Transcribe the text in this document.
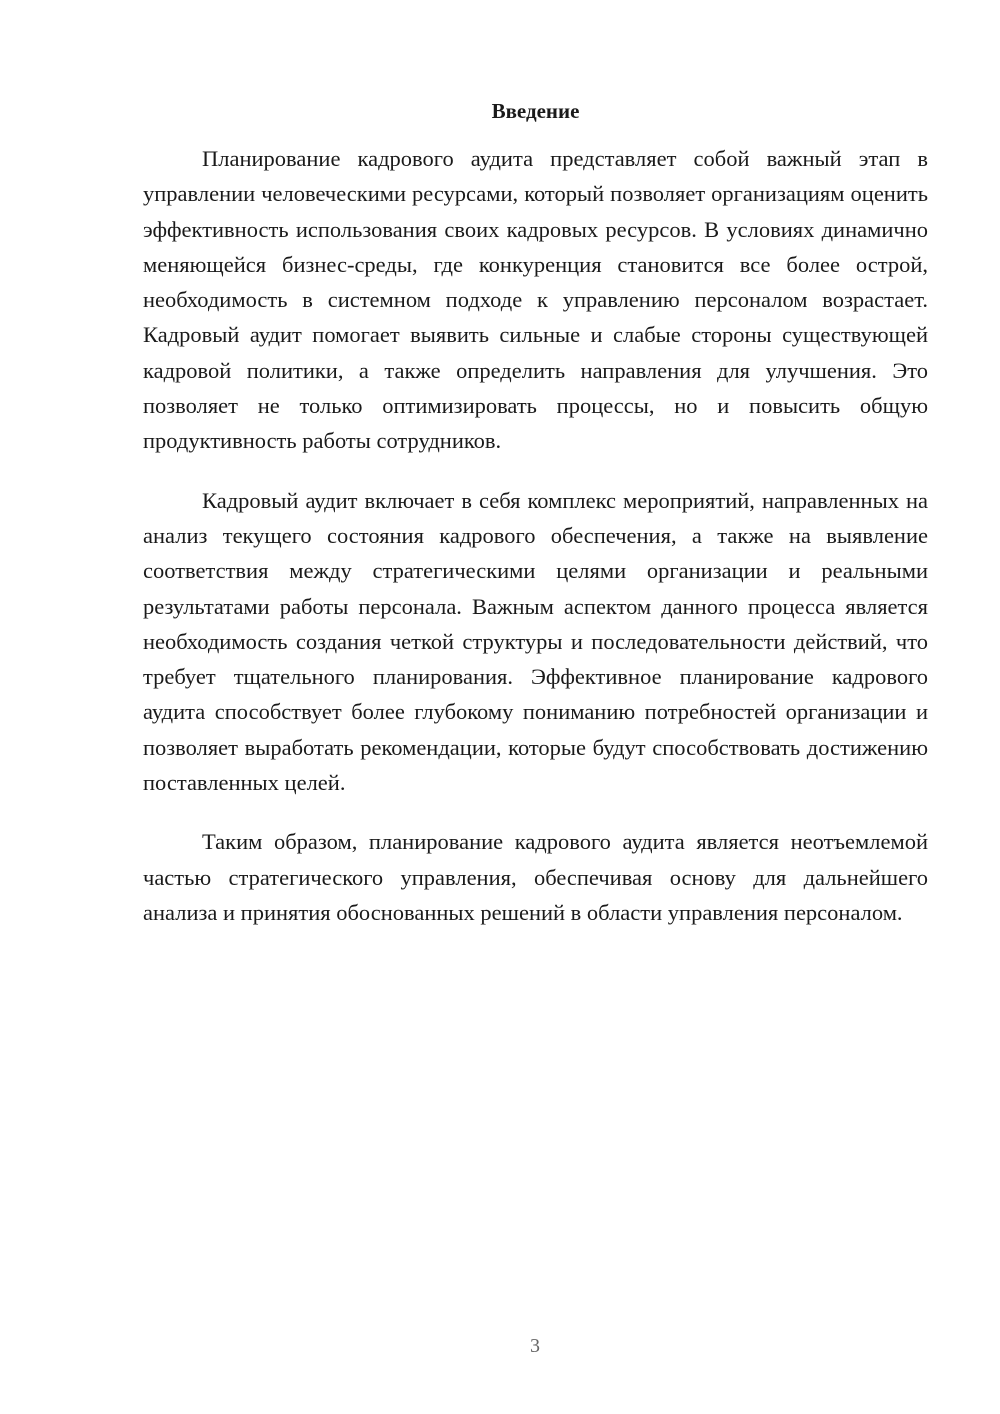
Введение

Планирование кадрового аудита представляет собой важный этап в управлении человеческими ресурсами, который позволяет организациям оценить эффективность использования своих кадровых ресурсов. В условиях динамично меняющейся бизнес-среды, где конкуренция становится все более острой, необходимость в системном подходе к управлению персоналом возрастает. Кадровый аудит помогает выявить сильные и слабые стороны существующей кадровой политики, а также определить направления для улучшения. Это позволяет не только оптимизировать процессы, но и повысить общую продуктивность работы сотрудников.

Кадровый аудит включает в себя комплекс мероприятий, направленных на анализ текущего состояния кадрового обеспечения, а также на выявление соответствия между стратегическими целями организации и реальными результатами работы персонала. Важным аспектом данного процесса является необходимость создания четкой структуры и последовательности действий, что требует тщательного планирования. Эффективное планирование кадрового аудита способствует более глубокому пониманию потребностей организации и позволяет выработать рекомендации, которые будут способствовать достижению поставленных целей.

Таким образом, планирование кадрового аудита является неотъемлемой частью стратегического управления, обеспечивая основу для дальнейшего анализа и принятия обоснованных решений в области управления персоналом.

3
